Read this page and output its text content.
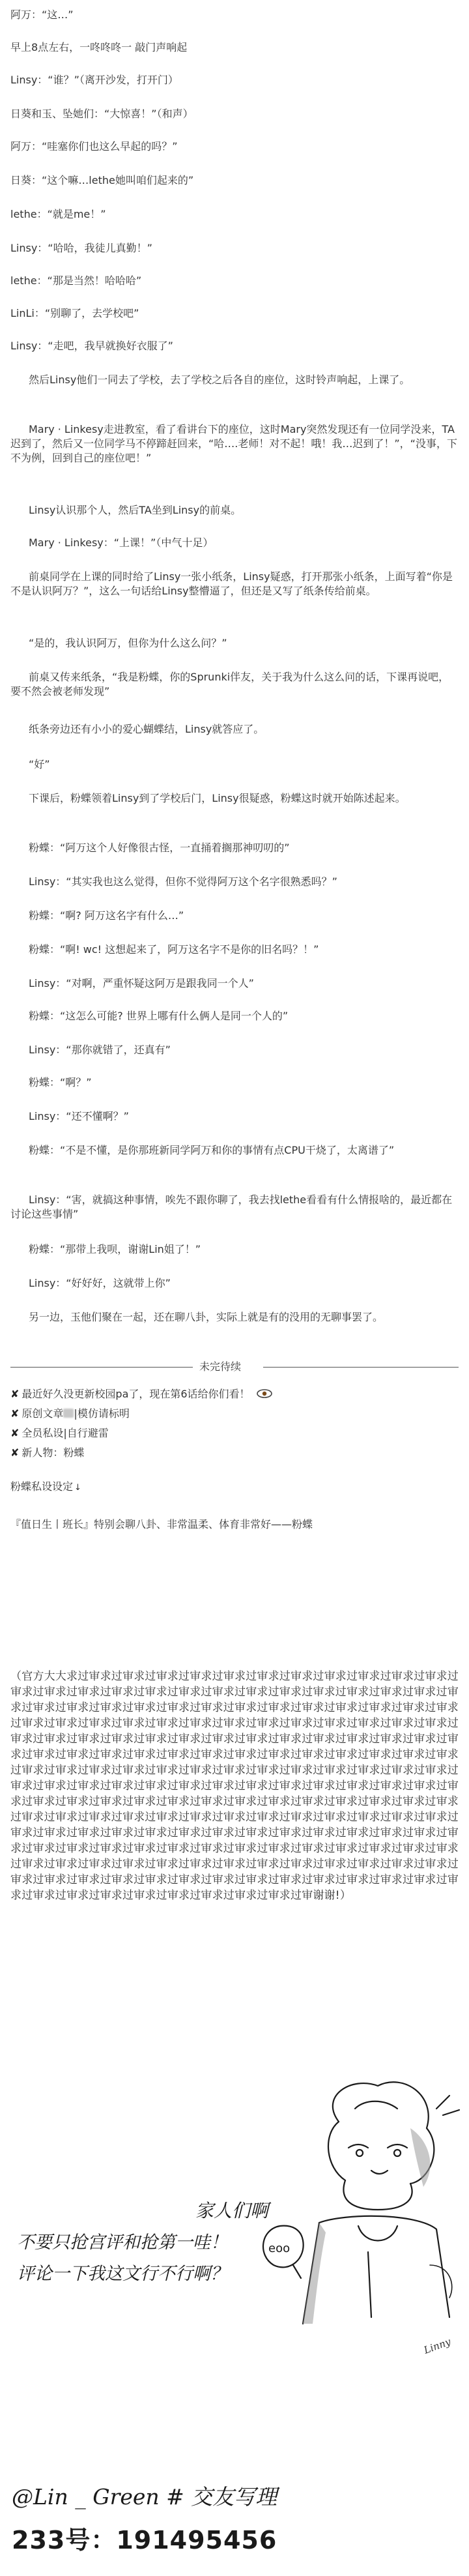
阿万：“这…”
早上8点左右，一咚咚咚一 敲门声响起
Linsy：“谁？”（离开沙发，打开门）
日葵和玉、坠她们：“大惊喜！”（和声）
阿万：“哇塞你们也这么早起的吗？”
日葵：“这个嘛…lethe她叫咱们起来的”
lethe：“就是me！”
Linsy：“哈哈，我徒儿真勤！”
lethe：“那是当然！哈哈哈”
LinLi：“别聊了，去学校吧”
Linsy：“走吧，我早就换好衣服了”
然后Linsy他们一同去了学校，去了学校之后各自的座位，这时铃声响起，上课了。
Mary · Linkesy走进教室，看了看讲台下的座位，这时Mary突然发现还有一位同学没来，TA迟到了，然后又一位同学马不停蹄赶回来，“哈….老师！对不起！哦！我…迟到了！”，“没事，下不为例，回到自己的座位吧！”
Linsy认识那个人，然后TA坐到Linsy的前桌。
Mary · Linkesy：“上课！”（中气十足）
前桌同学在上课的同时给了Linsy一张小纸条，Linsy疑惑，打开那张小纸条，上面写着“你是不是认识阿万？”，这么一句话给Linsy整懵逼了，但还是又写了纸条传给前桌。
“是的，我认识阿万，但你为什么这么问？”
前桌又传来纸条，“我是粉蝶，你的Sprunki伴友，关于我为什么这么问的话，下课再说吧，要不然会被老师发现”
纸条旁边还有小小的爱心蝴蝶结，Linsy就答应了。
“好”
下课后，粉蝶领着Linsy到了学校后门，Linsy很疑惑，粉蝶这时就开始陈述起来。
粉蝶：“阿万这个人好像很古怪，一直捅着搁那神叨叨的”
Linsy：“其实我也这么觉得，但你不觉得阿万这个名字很熟悉吗？”
粉蝶：“啊? 阿万这名字有什么…”
粉蝶：“啊! wc! 这想起来了，阿万这名字不是你的旧名吗？！”
Linsy：“对啊，严重怀疑这阿万是跟我同一个人”
粉蝶：“这怎么可能? 世界上哪有什么俩人是同一个人的”
Linsy：“那你就错了，还真有”
粉蝶：“啊？”
Linsy：“还不懂啊？”
粉蝶：“不是不懂，是你那班新同学阿万和你的事情有点CPU干烧了，太离谱了”
Linsy：“害，就搞这种事情，唉先不跟你聊了，我去找lethe看看有什么情报啥的，最近都在讨论这些事情”
粉蝶：“那带上我呗，谢谢Lin姐了！”
Linsy：“好好好，这就带上你”
另一边，玉他们聚在一起，还在聊八卦，实际上就是有的没用的无聊事罢了。
未完待续
✘ 最近好久没更新校园pa了，现在第6话给你们看！
✘ 原创文章 |模仿请标明
✘ 全员私设|自行避雷
✘ 新人物：粉蝶
粉蝶私设设定 ↓
『值日生丨班长』特别会聊八卦、非常温柔、体育非常好——粉蝶
（官方大大求过审求过审求过审求过审求过审求过审求过审求过审求过审求过审求过审求过审求过审求过审求过审求过审求过审求过审求过审求过审求过审求过审求过审求过审求过审求过审求过审求过审求过审求过审求过审求过审求过审求过审求过审求过审求过审求过审求过审求过审求过审求过审求过审求过审求过审求过审求过审求过审求过审求过审求过审求过审求过审求过审求过审求过审求过审求过审求过审求过审求过审求过审求过审求过审求过审求过审求过审求过审求过审求过审求过审求过审求过审求过审求过审求过审求过审求过审求过审求过审求过审求过审求过审求过审求过审求过审求过审求过审求过审求过审求过审求过审求过审求过审求过审求过审求过审求过审求过审求过审求过审求过审求过审求过审求过审求过审求过审求过审求过审求过审求过审求过审求过审求过审求过审求过审求过审求过审求过审求过审求过审求过审求过审求过审求过审求过审求过审求过审求过审求过审求过审求过审求过审求过审求过审求过审求过审求过审求过审求过审求过审求过审求过审求过审求过审求过审求过审求过审求过审求过审求过审求过审求过审求过审求过审求过审求过审求过审求过审求过审求过审求过审求过审求过审求过审求过审求过审求过审求过审求过审求过审求过审求过审求过审求过审求过审求过审求过审求过审求过审求过审求过审求过审求过审求过审求过审求过审求过审求过审求过审求过审求过审求过审求过审谢谢!）
家人们啊
不要只抢宫评和抢第一哇！
评论一下我这文行不行啊？
eoo
Linny
@Lin _ Green # 交友写理
233号：191495456
